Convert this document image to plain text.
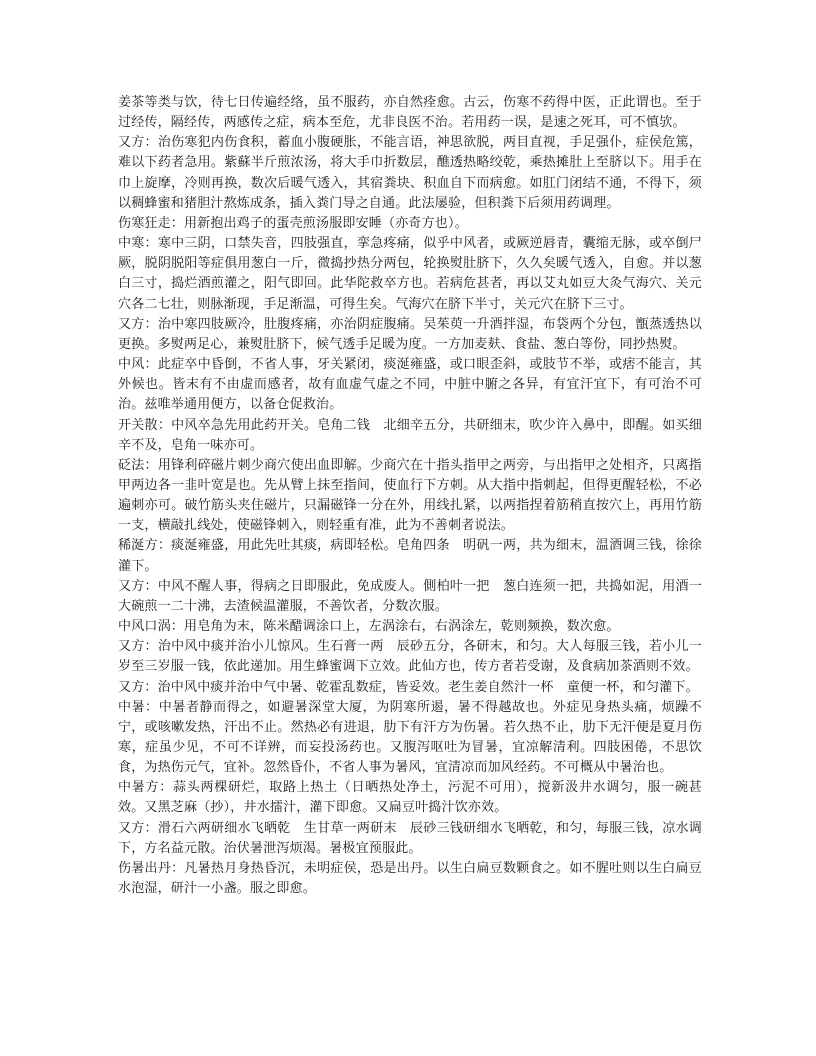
姜茶等类与饮，待七日传遍经络，虽不服药，亦自然痊愈。古云，伤寒不药得中医，正此谓也。至于过经传，隔经传，两感传之症，病本至危，尤非良医不治。若用药一误，是速之死耳，可不慎欤。

又方：治伤寒犯内伤食积，蓄血小腹硬胀，不能言语，神思欲脱，两目直视，手足强仆，症侯危篤，难以下药者急用。紫蘇半斤煎浓汤，将大手巾折数层，醮透热略绞乾，乘热摊肚上至脐以下。用手在巾上旋摩，冷则再换，数次后暖气透入，其宿粪块、积血自下而病愈。如肛门闭结不通，不得下，须以稠蜂蜜和猪胆汁熬炼成条，插入粪门导之自通。此法屡验，但积粪下后须用药调理。

伤寒狂走：用新抱出鸡子的蛋壳煎汤服即安睡（亦奇方也）。

中寒：寒中三阴，口禁失音，四肢强直，挛急疼痛，似乎中风者，或厥逆唇青，囊缩无脉，或卒倒尸厥，脱阴脱阳等症俱用葱白一斤，微捣抄热分两包，轮换熨肚脐下，久久矣暖气透入，自愈。并以葱白三寸，捣烂酒煎灌之，阳气即回。此华陀救卒方也。若病危甚者，再以艾丸如豆大灸气海穴、关元穴各二七壮，则脉渐现，手足渐温，可得生矣。气海穴在脐下半寸，关元穴在脐下三寸。

又方：治中寒四肢厥冷，肚腹疼痛，亦治阴症腹痛。吴茱萸一升酒拌湿，布袋两个分包，甑蒸透热以更换。多熨两足心，兼熨肚脐下，候气透手足暖为度。一方加麦麸、食盐、葱白等份，同抄热熨。

中风：此症卒中昏倒，不省人事，牙关紧闭，痰涎雍盛，或口眼歪斜，或肢节不举，或痞不能言，其外候也。皆末有不由虚而感者，故有血虚气虚之不同，中脏中腑之各异，有宜汗宜下，有可治不可治。兹唯举通用便方，以备仓促救治。

开关散：中风卒急先用此药开关。皂角二钱　北细辛五分，共研细末，吹少许入鼻中，即醒。如买细辛不及，皂角一味亦可。

砭法：用锋利碎磁片刺少商穴使出血即解。少商穴在十指头指甲之两旁，与出指甲之处相齐，只离指甲两边各一韭叶宽是也。先从臂上抹至指间，使血行下方刺。从大指中指刺起，但得更醒轻松，不必遍刺亦可。破竹筋头夹住磁片，只漏磁锋一分在外，用线扎紧，以两指捏着筋稍直按穴上，再用竹筋一支，横敲扎线处，使磁锋刺入，则轻重有准，此为不善刺者说法。

稀涎方：痰涎雍盛，用此先吐其痰，病即轻松。皂角四条　明矾一两，共为细末，温酒调三钱，徐徐灌下。

又方：中风不醒人事，得病之日即服此，免成废人。側柏叶一把　葱白连须一把，共捣如泥，用酒一大碗煎一二十沸，去渣候温灌服，不善饮者，分数次服。

中风口涡：用皂角为末，陈米醋调涂口上，左涡涂右，右涡涂左，乾则频换，数次愈。

又方：治中风中痰并治小儿惊风。生石膏一两　辰砂五分，各研末，和匀。大人每服三钱，若小儿一岁至三岁服一钱，依此递加。用生蜂蜜调下立效。此仙方也，传方者若受谢，及食病加茶酒则不效。

又方：治中风中痰并治中气中暑、乾霍乱数症，皆妥效。老生姜自然汁一杯　童便一杯，和匀灌下。

中暑：中暑者静而得之，如避暑深堂大厦，为阴寒所遏，暑不得越故也。外症见身热头痛，烦躁不宁，或咳嗽发热，汗出不止。然热必有进退，肋下有汗方为伤暑。若久热不止，肋下无汗便是夏月伤寒，症虽少见，不可不详辨，而妄投汤药也。又腹泻呕吐为冒暑，宜凉解清利。四肢困倦，不思饮食，为热伤元气，宜补。忽然昏仆，不省人事为暑风，宜清凉而加风经药。不可概从中暑治也。

中暑方：蒜头两棵研烂，取路上热土（日晒热处净土，污泥不可用），搅新汲井水调匀，服一碗甚效。又黑芝麻（抄），井水擂汁，灌下即愈。又扁豆叶捣汁饮亦效。

又方：滑石六两研细水飞晒乾　生甘草一两研末　辰砂三钱研细水飞晒乾，和匀，每服三钱，凉水调下，方名益元散。治伏暑泄泻烦渴。暑极宜预服此。

伤暑出丹：凡暑热月身热昏沉，未明症侯，恐是出丹。以生白扁豆数颗食之。如不腥吐则以生白扁豆水泡湿，研汁一小盏。服之即愈。
